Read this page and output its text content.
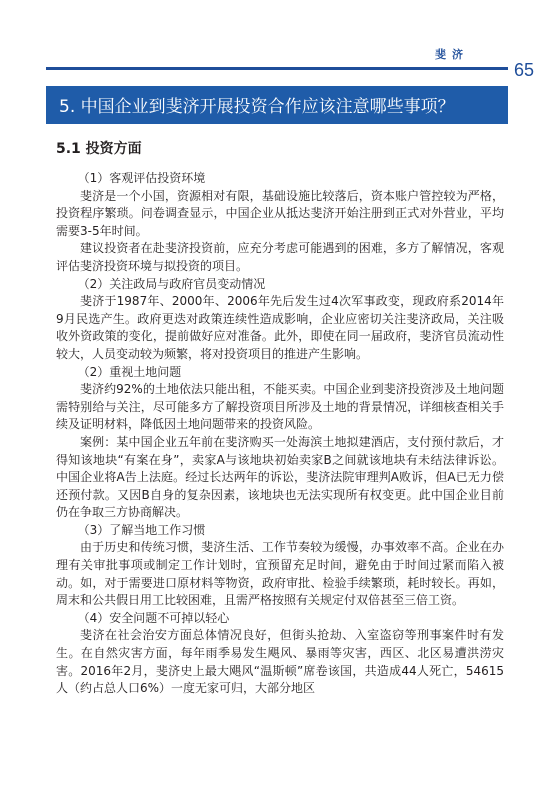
斐济
65
5. 中国企业到斐济开展投资合作应该注意哪些事项？
5.1 投资方面

（1）客观评估投资环境

斐济是一个小国，资源相对有限，基础设施比较落后，资本账户管控较为严格，投资程序繁琐。问卷调查显示，中国企业从抵达斐济开始注册到正式对外营业，平均需要3-5年时间。

建议投资者在赴斐济投资前，应充分考虑可能遇到的困难，多方了解情况，客观评估斐济投资环境与拟投资的项目。

（2）关注政局与政府官员变动情况

斐济于1987年、2000年、2006年先后发生过4次军事政变，现政府系2014年9月民选产生。政府更迭对政策连续性造成影响，企业应密切关注斐济政局，关注吸收外资政策的变化，提前做好应对准备。此外，即使在同一届政府，斐济官员流动性较大，人员变动较为频繁，将对投资项目的推进产生影响。

（2）重视土地问题

斐济约92%的土地依法只能出租，不能买卖。中国企业到斐济投资涉及土地问题需特别给与关注，尽可能多方了解投资项目所涉及土地的背景情况，详细核查相关手续及证明材料，降低因土地问题带来的投资风险。

案例：某中国企业五年前在斐济购买一处海滨土地拟建酒店，支付预付款后，才得知该地块“有案在身”，卖家A与该地块初始卖家B之间就该地块有未结法律诉讼。中国企业将A告上法庭。经过长达两年的诉讼，斐济法院审理判A败诉，但A已无力偿还预付款。又因B自身的复杂因素，该地块也无法实现所有权变更。此中国企业目前仍在争取三方协商解决。

（3）了解当地工作习惯

由于历史和传统习惯，斐济生活、工作节奏较为缓慢，办事效率不高。企业在办理有关审批事项或制定工作计划时，宜预留充足时间，避免由于时间过紧而陷入被动。如，对于需要进口原材料等物资，政府审批、检验手续繁琐，耗时较长。再如，周末和公共假日用工比较困难，且需严格按照有关规定付双倍甚至三倍工资。

（4）安全问题不可掉以轻心

斐济在社会治安方面总体情况良好，但街头抢劫、入室盗窃等刑事案件时有发生。在自然灾害方面，每年雨季易发生飓风、暴雨等灾害，西区、北区易遭洪涝灾害。2016年2月，斐济史上最大飓风“温斯顿”席卷该国，共造成44人死亡，54615人（约占总人口6%）一度无家可归，大部分地区
